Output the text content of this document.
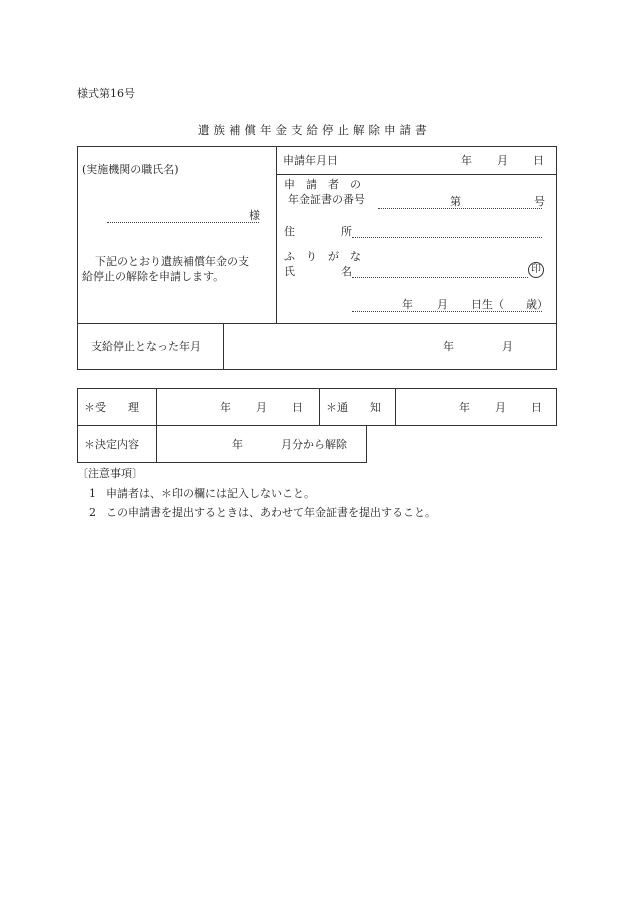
様式第16号
遺族補償年金支給停止解除申請書
(実施機関の職氏名)
様
下記のとおり遺族補償年金の支
給停止の解除を申請します。
申請年月日	年 月 日
申　請　者　の
年金証書の番号	第	号
住	所
ふ　り　が　な
氏	名	印
年 月 日生（ 歳）
支給停止となった年月	年	月
＊受　　理	年 月 日 ＊通　　知	年 月 日
＊決定内容	年	月分から解除
〔注意事項〕
1 申請者は、＊印の欄には記入しないこと。
2 この申請書を提出するときは、あわせて年金証書を提出すること。
